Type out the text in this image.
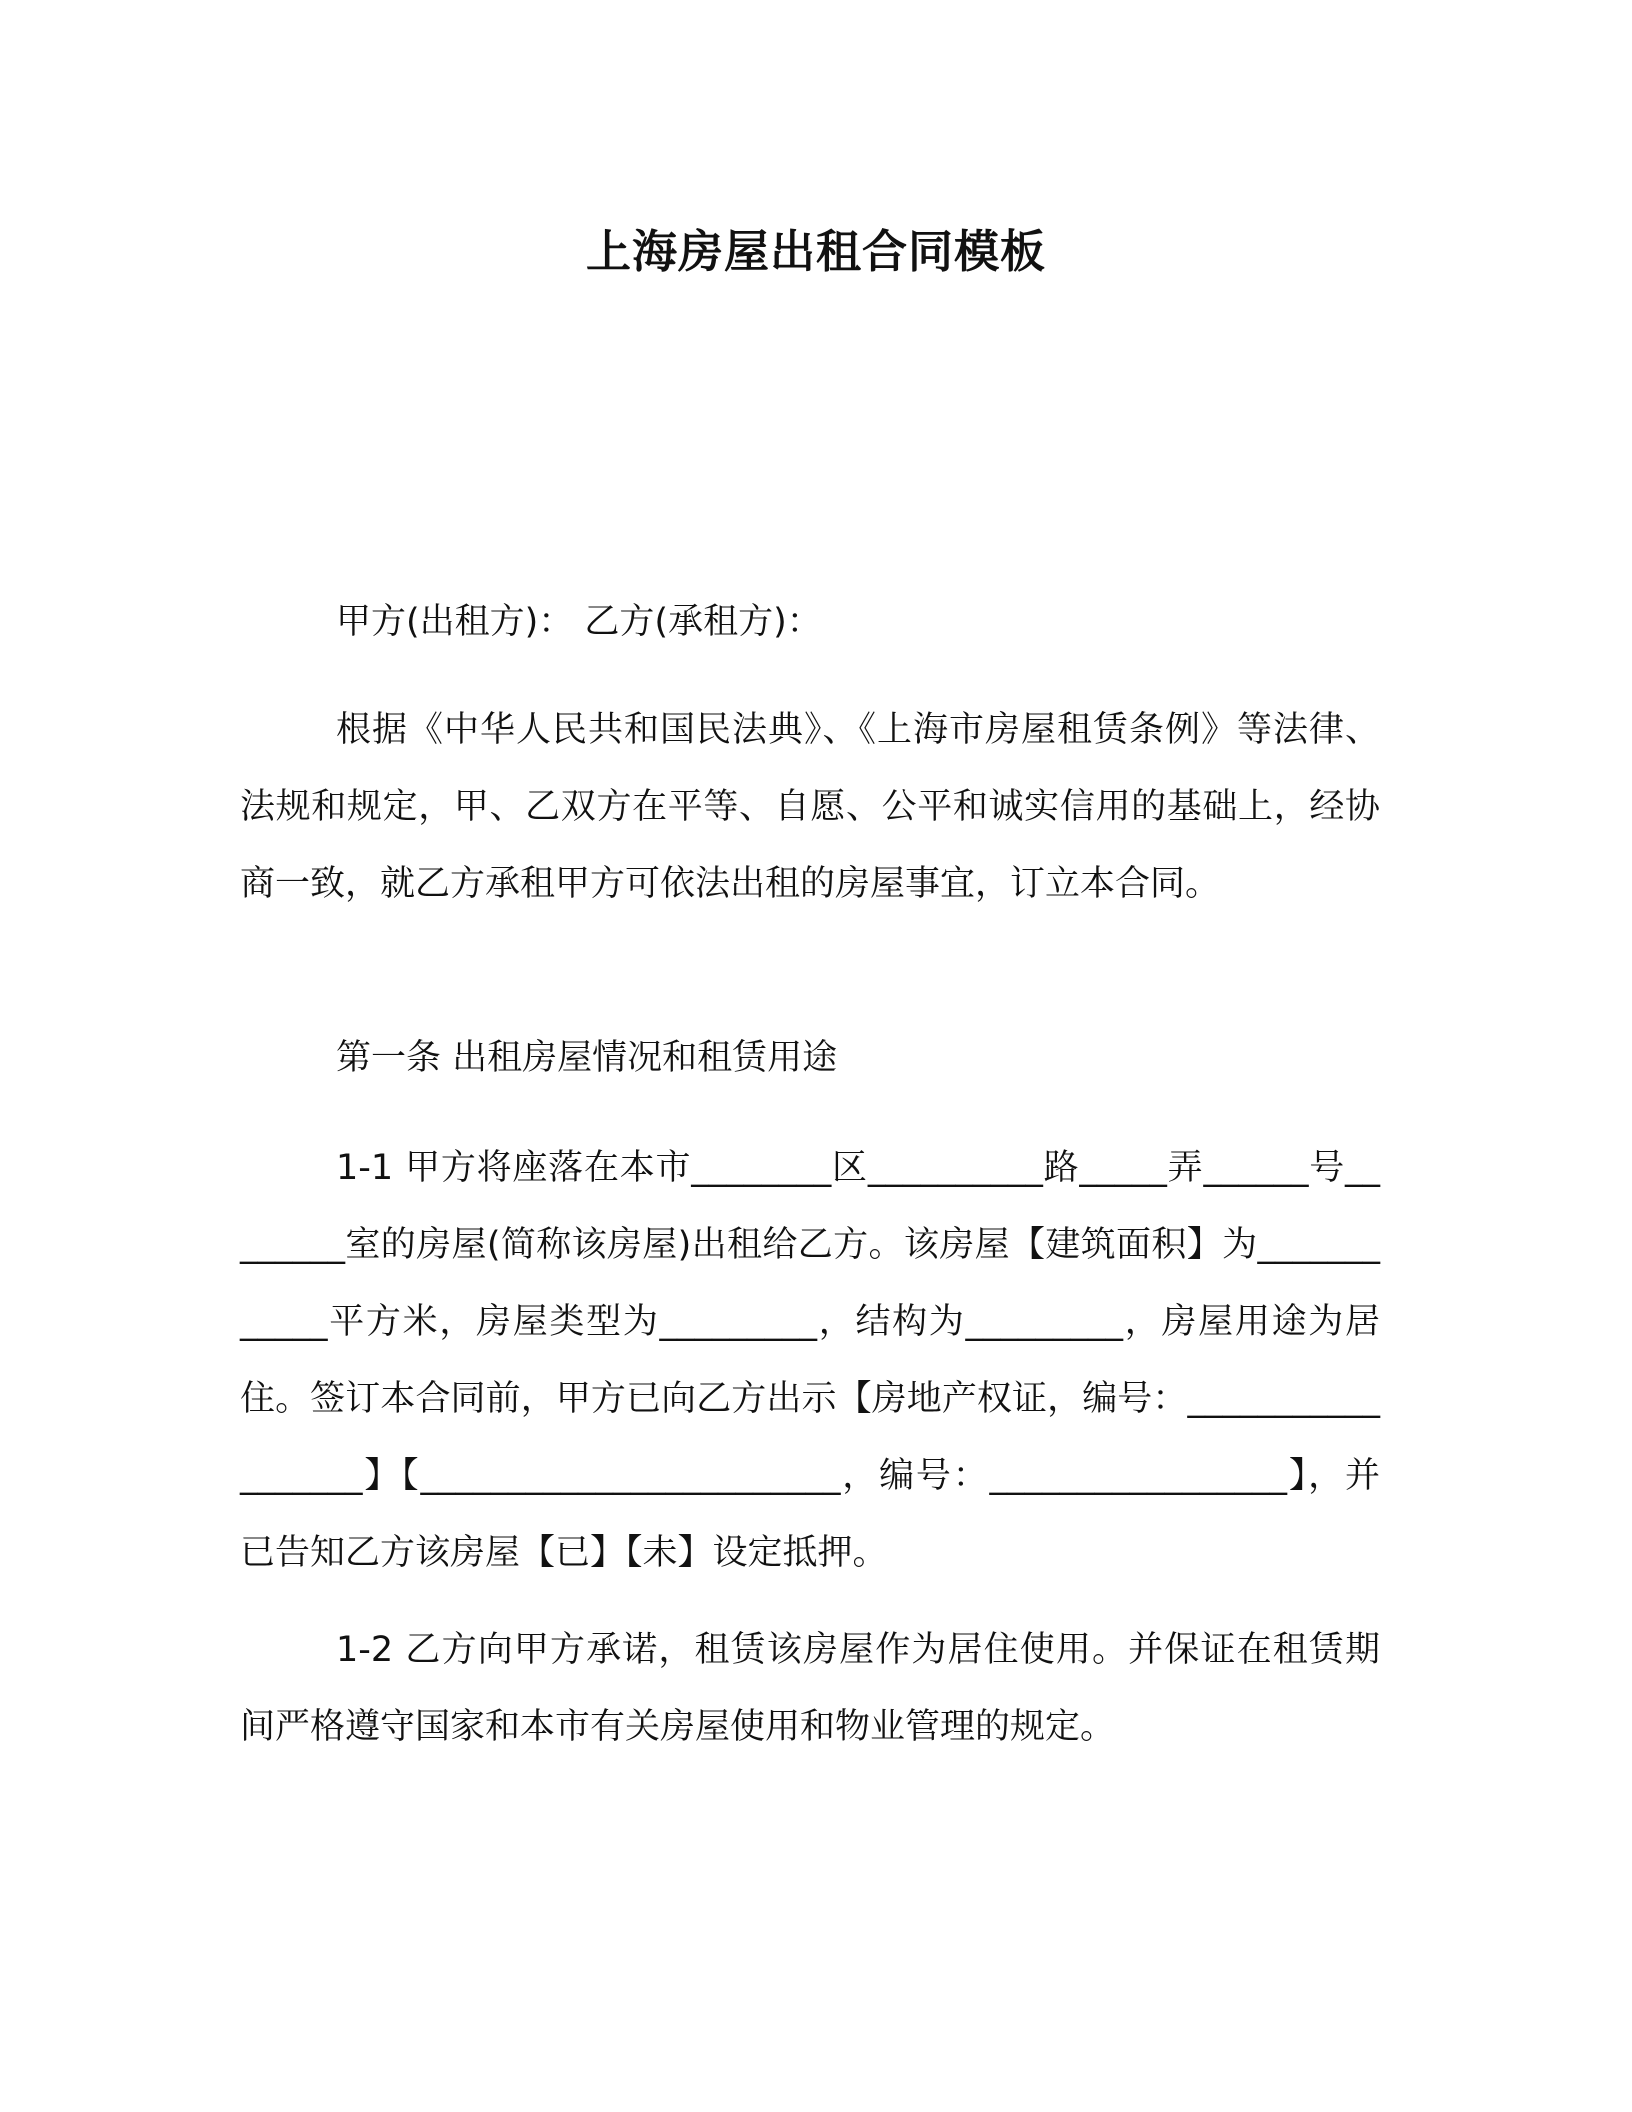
上海房屋出租合同模板

甲方(出租方)： 乙方(承租方)：

根据《中华人民共和国民法典》、《上海市房屋租赁条例》等法律、法规和规定，甲、乙双方在平等、自愿、公平和诚实信用的基础上，经协商一致，就乙方承租甲方可依法出租的房屋事宜，订立本合同。

第一条 出租房屋情况和租赁用途

1-1 甲方将座落在本市________区__________路_____弄______号________室的房屋(简称该房屋)出租给乙方。该房屋【建筑面积】为____________平方米，房屋类型为_________，结构为_________，房屋用途为居住。签订本合同前，甲方已向乙方出示【房地产权证，编号：__________________】【________________________，编号：_________________】，并已告知乙方该房屋【已】【未】设定抵押。

1-2 乙方向甲方承诺，租赁该房屋作为居住使用。并保证在租赁期间严格遵守国家和本市有关房屋使用和物业管理的规定。
